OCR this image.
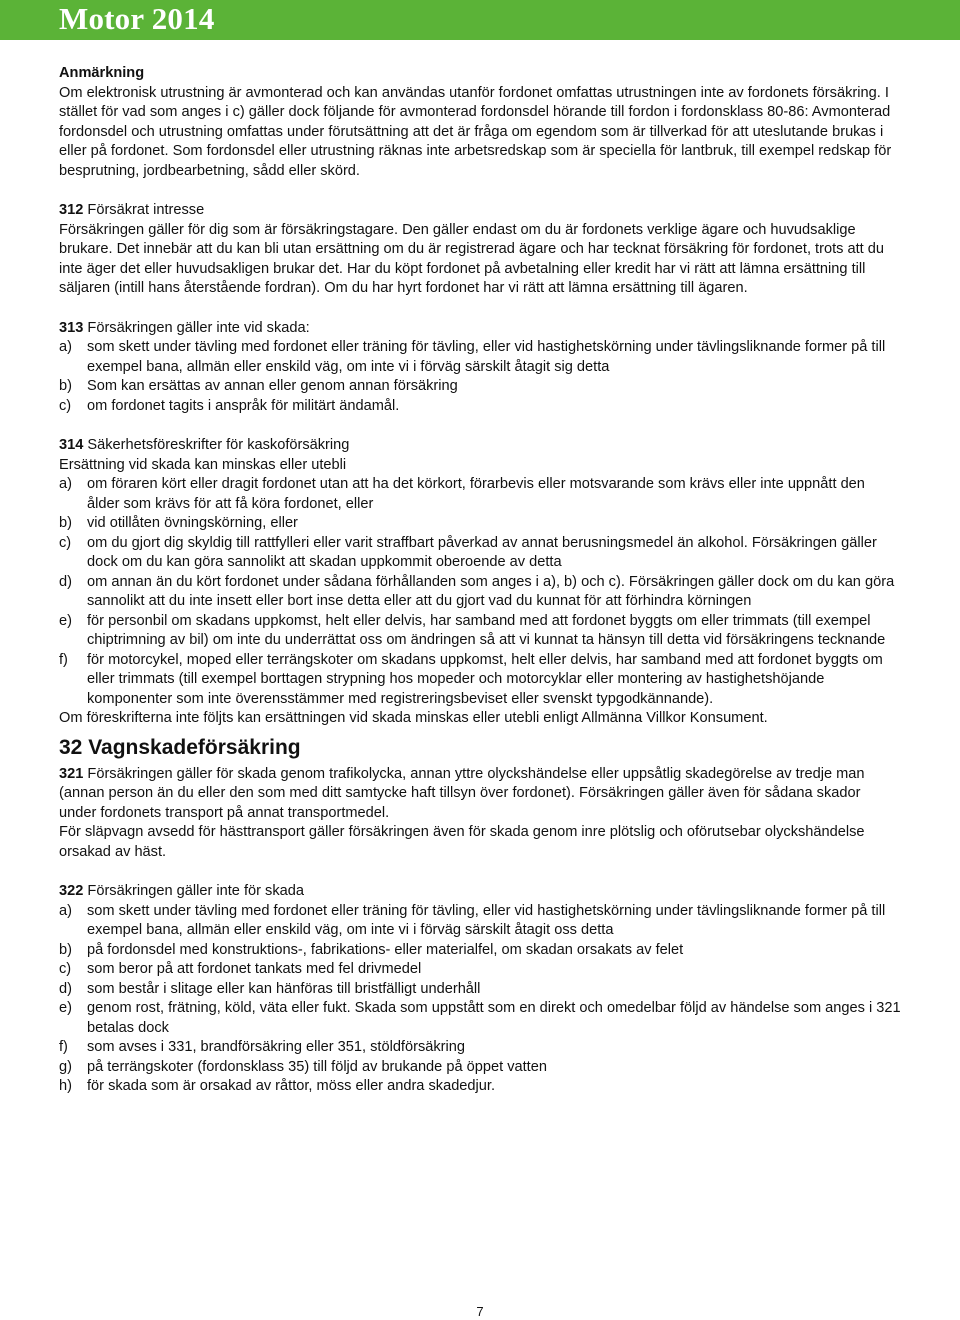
Motor 2014

Anmärkning

Om elektronisk utrustning är avmonterad och kan användas utanför fordonet omfattas utrustningen inte av fordonets försäkring. I stället för vad som anges i c) gäller dock följande för avmonterad fordonsdel hörande till fordon i fordonsklass 80-86: Avmonterad fordonsdel och utrustning omfattas under förutsättning att det är fråga om egendom som är tillverkad för att uteslutande brukas i eller på fordonet. Som fordonsdel eller utrustning räknas inte arbetsredskap som är speciella för lantbruk, till exempel redskap för besprutning, jordbearbetning, sådd eller skörd.

312 Försäkrat intresse

Försäkringen gäller för dig som är försäkringstagare. Den gäller endast om du är fordonets verklige ägare och huvudsaklige brukare. Det innebär att du kan bli utan ersättning om du är registrerad ägare och har tecknat försäkring för fordonet, trots att du inte äger det eller huvudsakligen brukar det. Har du köpt fordonet på avbetalning eller kredit har vi rätt att lämna ersättning till säljaren (intill hans återstående fordran). Om du har hyrt fordonet har vi rätt att lämna ersättning till ägaren.

313 Försäkringen gäller inte vid skada:

a)	som skett under tävling med fordonet eller träning för tävling, eller vid hastighetskörning under tävlingsliknande former på till exempel bana, allmän eller enskild väg, om inte vi i förväg särskilt åtagit sig detta
b)	Som kan ersättas av annan eller genom annan försäkring
c)	om fordonet tagits i anspråk för militärt ändamål.

314 Säkerhetsföreskrifter för kaskoförsäkring

Ersättning vid skada kan minskas eller utebli

a)	om föraren kört eller dragit fordonet utan att ha det körkort, förarbevis eller motsvarande som krävs eller inte uppnått den ålder som krävs för att få köra fordonet, eller
b)	vid otillåten övningskörning, eller
c)	om du gjort dig skyldig till rattfylleri eller varit straffbart påverkad av annat berusningsmedel än alkohol. Försäkringen gäller dock om du kan göra sannolikt att skadan uppkommit oberoende av detta
d)	om annan än du kört fordonet under sådana förhållanden som anges i a), b) och c). Försäkringen gäller dock om du kan göra sannolikt att du inte insett eller bort inse detta eller att du gjort vad du kunnat för att förhindra körningen
e)	för personbil om skadans uppkomst, helt eller delvis, har samband med att fordonet byggts om eller trimmats (till exempel chiptrimning av bil) om inte du underrättat oss om ändringen så att vi kunnat ta hänsyn till detta vid försäkringens tecknande
f)	för motorcykel, moped eller terrängskoter om skadans uppkomst, helt eller delvis, har samband med att fordonet byggts om eller trimmats (till exempel borttagen strypning hos mopeder och motorcyklar eller montering av hastighetshöjande komponenter som inte överensstämmer med registreringsbeviset eller svenskt typgodkännande).

Om föreskrifterna inte följts kan ersättningen vid skada minskas eller utebli enligt Allmänna Villkor Konsument.

32 Vagnskadeförsäkring

321 Försäkringen gäller för skada genom trafikolycka, annan yttre olyckshändelse eller uppsåtlig skadegörelse av tredje man (annan person än du eller den som med ditt samtycke haft tillsyn över fordonet). Försäkringen gäller även för sådana skador under fordonets transport på annat transportmedel.

För släpvagn avsedd för hästtransport gäller försäkringen även för skada genom inre plötslig och oförutsebar olyckshändelse orsakad av häst.

322 Försäkringen gäller inte för skada

a)	som skett under tävling med fordonet eller träning för tävling, eller vid hastighetskörning under tävlingsliknande former på till exempel bana, allmän eller enskild väg, om inte vi i förväg särskilt åtagit oss detta
b)	på fordonsdel med konstruktions-, fabrikations- eller materialfel, om skadan orsakats av felet
c)	som beror på att fordonet tankats med fel drivmedel
d)	som består i slitage eller kan hänföras till bristfälligt underhåll
e)	genom rost, frätning, köld, väta eller fukt. Skada som uppstått som en direkt och omedelbar följd av händelse som anges i 321 betalas dock
f)	som avses i 331, brandförsäkring eller 351, stöldförsäkring
g)	på terrängskoter (fordonsklass 35) till följd av brukande på öppet vatten
h)	för skada som är orsakad av råttor, möss eller andra skadedjur.
7
